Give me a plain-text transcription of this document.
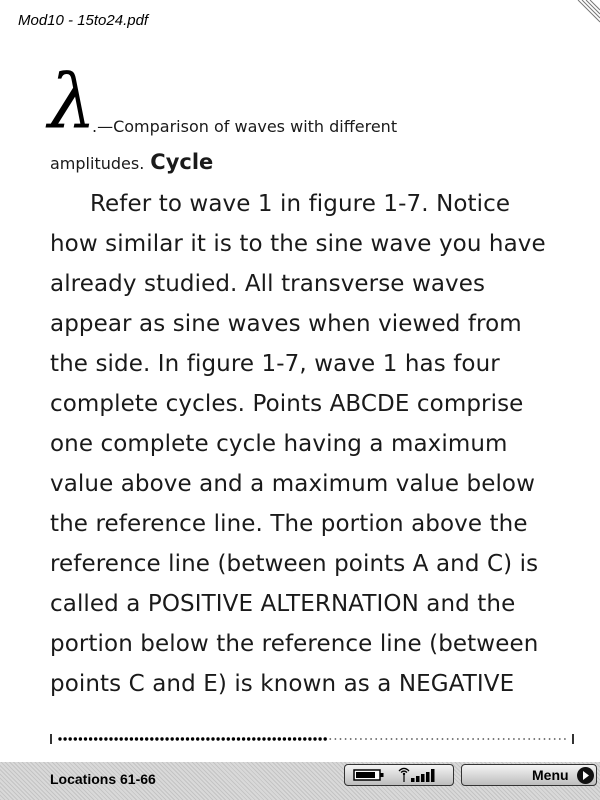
Mod10 - 15to24.pdf
λ
.—Comparison of waves with different
amplitudes. Cycle
Refer to wave 1 in figure 1-7. Notice
how similar it is to the sine wave you have
already studied. All transverse waves
appear as sine waves when viewed from
the side. In figure 1-7, wave 1 has four
complete cycles. Points ABCDE comprise
one complete cycle having a maximum
value above and a maximum value below
the reference line. The portion above the
reference line (between points A and C) is
called a POSITIVE ALTERNATION and the
portion below the reference line (between
points C and E) is known as a NEGATIVE
Locations 61-66	Menu
